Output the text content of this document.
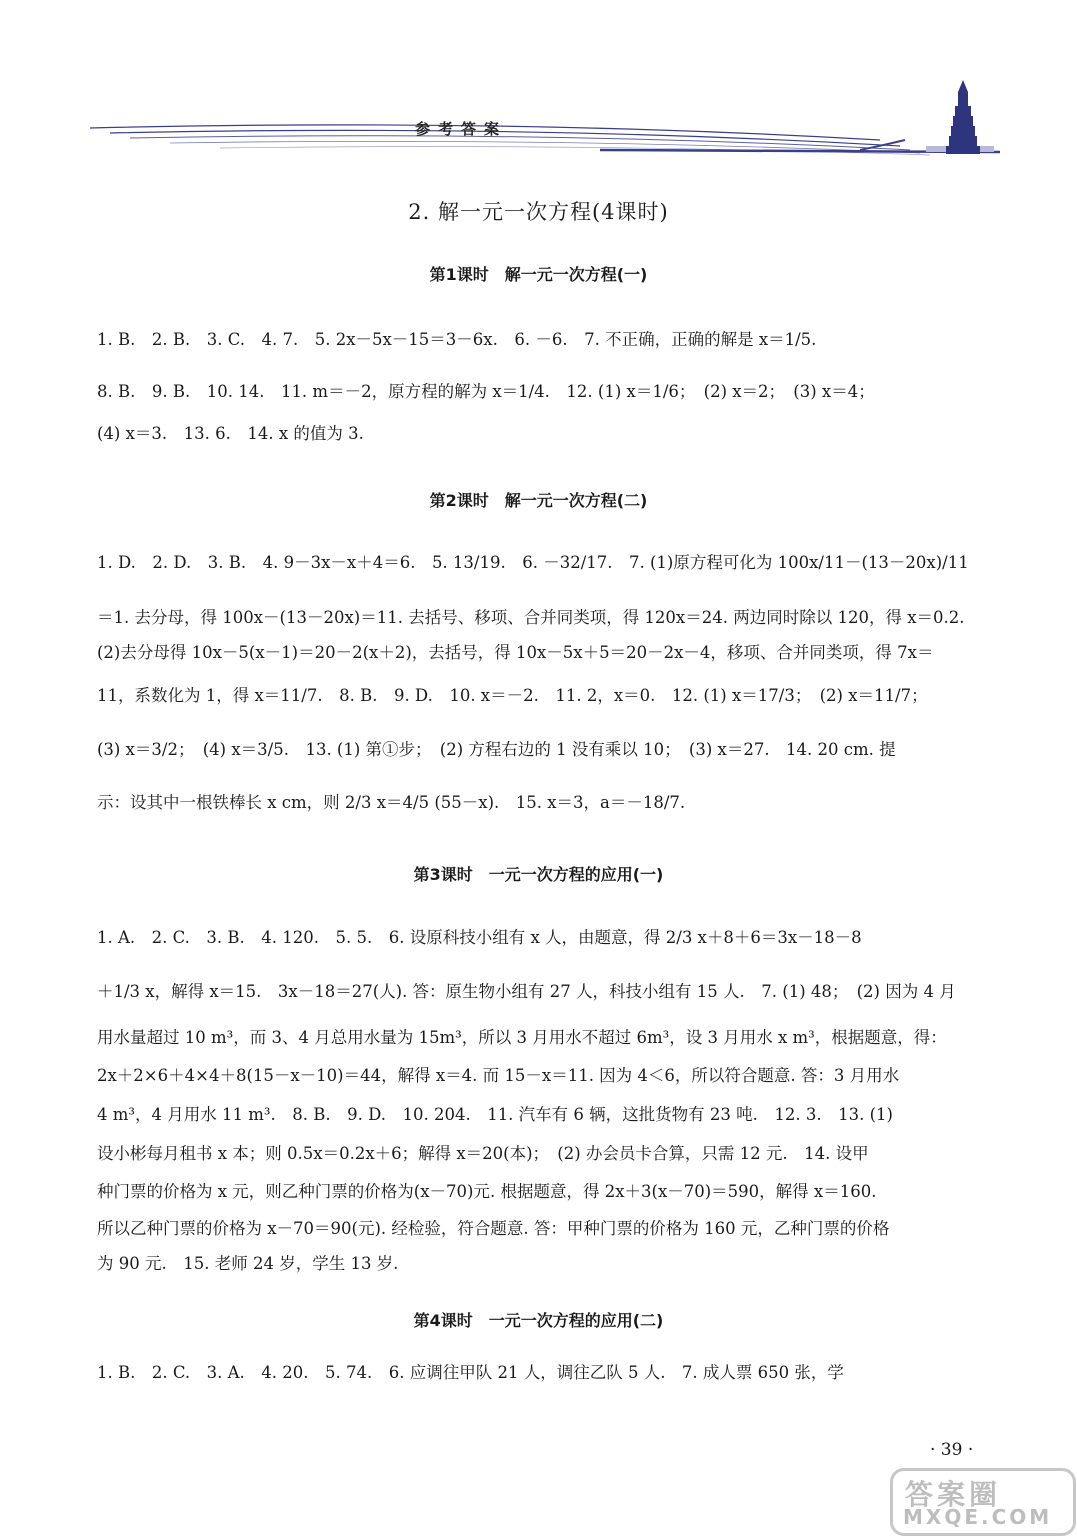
参考答案
2. 解一元一次方程(4课时)
第1课时　解一元一次方程(一)
1. B.　2. B.　3. C.　4. 7.　5. 2x－5x－15＝3－6x.　6. －6.　7. 不正确，正确的解是 x＝1/5.
8. B.　9. B.　10. 14.　11. m＝－2，原方程的解为 x＝1/4.　12. (1) x＝1/6；　(2) x＝2；　(3) x＝4；
(4) x＝3.　13. 6.　14. x 的值为 3.
第2课时　解一元一次方程(二)
1. D.　2. D.　3. B.　4. 9－3x－x＋4＝6.　5. 13/19.　6. －32/17.　7. (1)原方程可化为 100x/11－(13－20x)/11
＝1. 去分母，得 100x－(13－20x)＝11. 去括号、移项、合并同类项，得 120x＝24. 两边同时除以 120，得 x＝0.2.
(2)去分母得 10x－5(x－1)＝20－2(x＋2)，去括号，得 10x－5x＋5＝20－2x－4，移项、合并同类项，得 7x＝
11，系数化为 1，得 x＝11/7.　8. B.　9. D.　10. x＝－2.　11. 2，x＝0.　12. (1) x＝17/3；　(2) x＝11/7；
(3) x＝3/2；　(4) x＝3/5.　13. (1) 第①步；　(2) 方程右边的 1 没有乘以 10；　(3) x＝27.　14. 20 cm. 提
示：设其中一根铁棒长 x cm，则 2/3 x＝4/5 (55－x).　15. x＝3，a＝－18/7.
第3课时　一元一次方程的应用(一)
1. A.　2. C.　3. B.　4. 120.　5. 5.　6. 设原科技小组有 x 人，由题意，得 2/3 x＋8＋6＝3x－18－8
＋1/3 x，解得 x＝15.　3x－18＝27(人). 答：原生物小组有 27 人，科技小组有 15 人.　7. (1) 48；　(2) 因为 4 月
用水量超过 10 m³，而 3、4 月总用水量为 15m³，所以 3 月用水不超过 6m³，设 3 月用水 x m³，根据题意，得：
2x＋2×6＋4×4＋8(15－x－10)＝44，解得 x＝4. 而 15－x＝11. 因为 4＜6，所以符合题意. 答：3 月用水
4 m³，4 月用水 11 m³.　8. B.　9. D.　10. 204.　11. 汽车有 6 辆，这批货物有 23 吨.　12. 3.　13. (1)
设小彬每月租书 x 本；则 0.5x＝0.2x＋6；解得 x＝20(本)；　(2) 办会员卡合算，只需 12 元.　14. 设甲
种门票的价格为 x 元，则乙种门票的价格为(x－70)元. 根据题意，得 2x＋3(x－70)＝590，解得 x＝160.
所以乙种门票的价格为 x－70＝90(元). 经检验，符合题意. 答：甲种门票的价格为 160 元，乙种门票的价格
为 90 元.　15. 老师 24 岁，学生 13 岁.
第4课时　一元一次方程的应用(二)
1. B.　2. C.　3. A.　4. 20.　5. 74.　6. 应调往甲队 21 人，调往乙队 5 人.　7. 成人票 650 张，学
· 39 ·
答案圈
MXQE.COM
